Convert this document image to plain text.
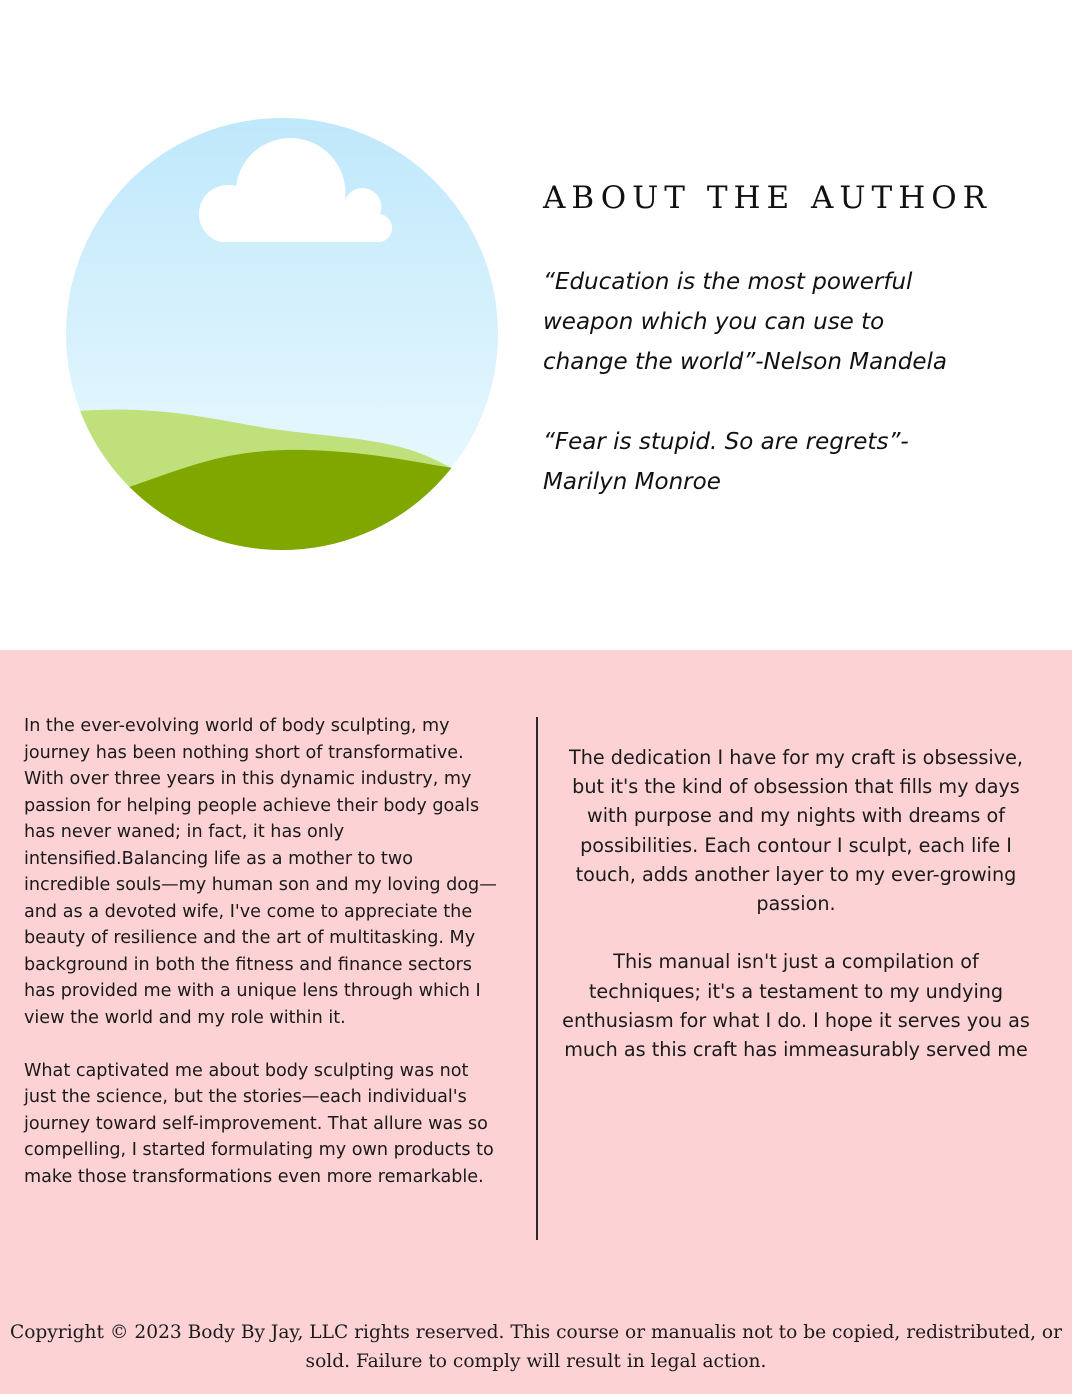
ABOUT THE AUTHOR

“Education is the most powerful weapon which you can use to change the world”-Nelson Mandela

“Fear is stupid. So are regrets”-Marilyn Monroe

In the ever-evolving world of body sculpting, my journey has been nothing short of transformative. With over three years in this dynamic industry, my passion for helping people achieve their body goals has never waned; in fact, it has only intensified.Balancing life as a mother to two incredible souls—my human son and my loving dog—and as a devoted wife, I've come to appreciate the beauty of resilience and the art of multitasking. My background in both the fitness and finance sectors has provided me with a unique lens through which I view the world and my role within it.

What captivated me about body sculpting was not just the science, but the stories—each individual's journey toward self-improvement. That allure was so compelling, I started formulating my own products to make those transformations even more remarkable.

The dedication I have for my craft is obsessive, but it's the kind of obsession that fills my days with purpose and my nights with dreams of possibilities. Each contour I sculpt, each life I touch, adds another layer to my ever-growing passion.

This manual isn't just a compilation of techniques; it's a testament to my undying enthusiasm for what I do. I hope it serves you as much as this craft has immeasurably served me

Copyright © 2023 Body By Jay, LLC rights reserved. This course or manualis not to be copied, redistributed, or sold. Failure to comply will result in legal action.
